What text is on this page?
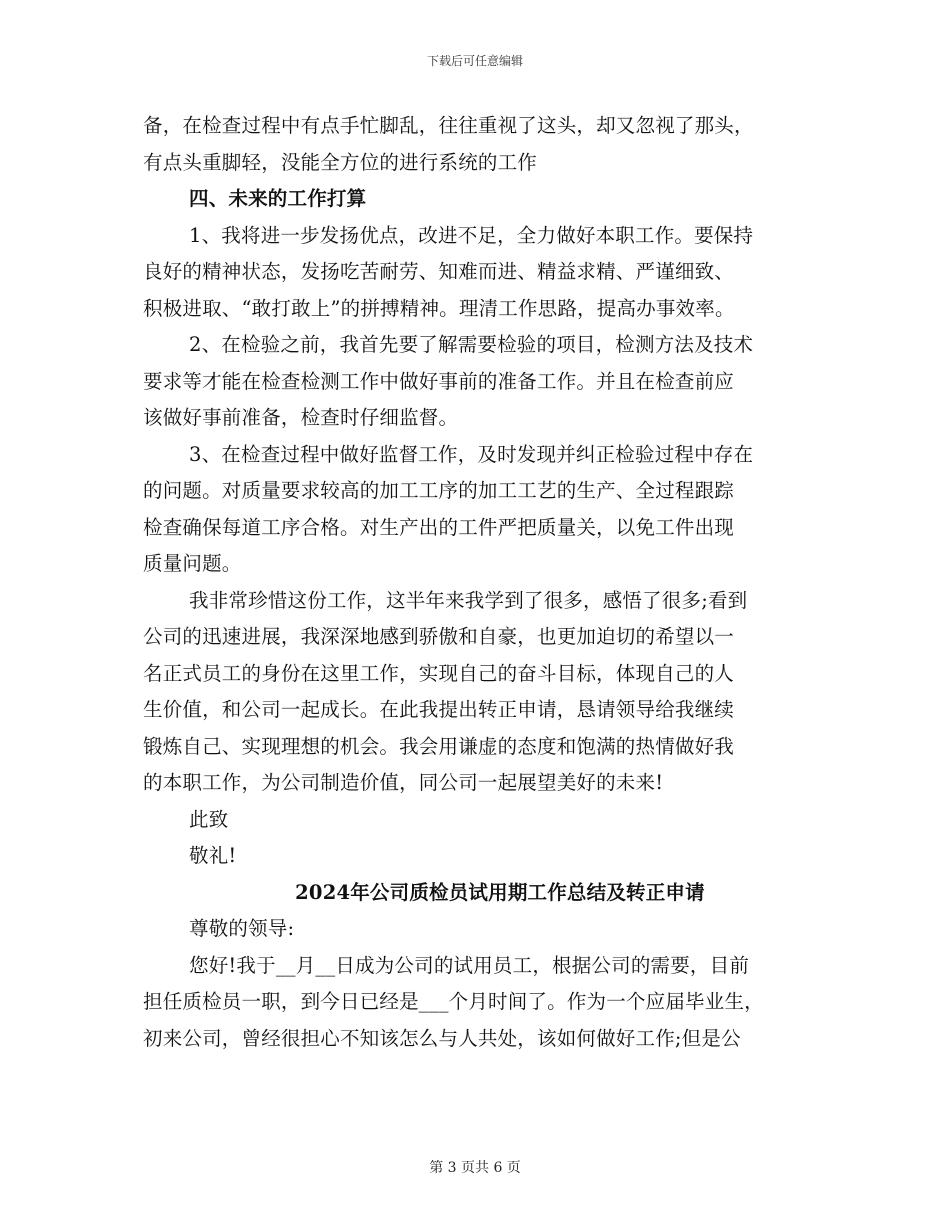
下载后可任意编辑
备，在检查过程中有点手忙脚乱，往往重视了这头，却又忽视了那头，
有点头重脚轻，没能全方位的进行系统的工作
四、未来的工作打算
1、我将进一步发扬优点，改进不足，全力做好本职工作。要保持
良好的精神状态，发扬吃苦耐劳、知难而进、精益求精、严谨细致、
积极进取、“敢打敢上”的拼搏精神。理清工作思路，提高办事效率。
2、在检验之前，我首先要了解需要检验的项目，检测方法及技术
要求等才能在检查检测工作中做好事前的准备工作。并且在检查前应
该做好事前准备，检查时仔细监督。
3、在检查过程中做好监督工作，及时发现并纠正检验过程中存在
的问题。对质量要求较高的加工工序的加工工艺的生产、全过程跟踪
检查确保每道工序合格。对生产出的工件严把质量关，以免工件出现
质量问题。
我非常珍惜这份工作，这半年来我学到了很多，感悟了很多;看到
公司的迅速进展，我深深地感到骄傲和自豪，也更加迫切的希望以一
名正式员工的身份在这里工作，实现自己的奋斗目标，体现自己的人
生价值，和公司一起成长。在此我提出转正申请，恳请领导给我继续
锻炼自己、实现理想的机会。我会用谦虚的态度和饱满的热情做好我
的本职工作，为公司制造价值，同公司一起展望美好的未来!
此致
敬礼!
2024年公司质检员试用期工作总结及转正申请
尊敬的领导:
您好!我于__月__日成为公司的试用员工，根据公司的需要，目前
担任质检员一职，到今日已经是___个月时间了。作为一个应届毕业生，
初来公司，曾经很担心不知该怎么与人共处，该如何做好工作;但是公
第 3 页共 6 页
